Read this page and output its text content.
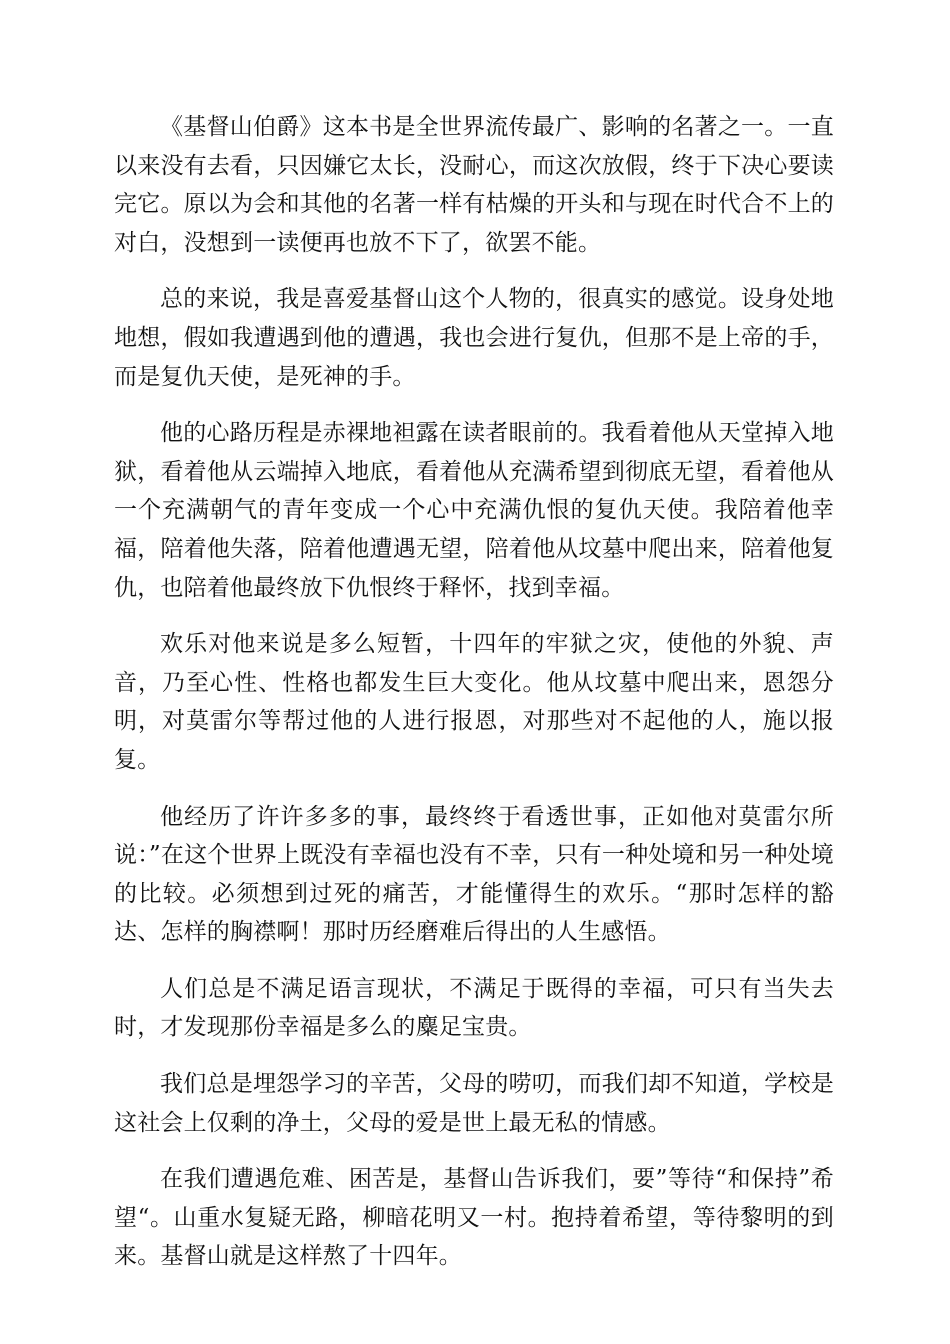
《基督山伯爵》这本书是全世界流传最广、影响的名著之一。一直以来没有去看，只因嫌它太长，没耐心，而这次放假，终于下决心要读完它。原以为会和其他的名著一样有枯燥的开头和与现在时代合不上的对白，没想到一读便再也放不下了，欲罢不能。

总的来说，我是喜爱基督山这个人物的，很真实的感觉。设身处地地想，假如我遭遇到他的遭遇，我也会进行复仇，但那不是上帝的手，而是复仇天使，是死神的手。

他的心路历程是赤裸地袒露在读者眼前的。我看着他从天堂掉入地狱，看着他从云端掉入地底，看着他从充满希望到彻底无望，看着他从一个充满朝气的青年变成一个心中充满仇恨的复仇天使。我陪着他幸福，陪着他失落，陪着他遭遇无望，陪着他从坟墓中爬出来，陪着他复仇，也陪着他最终放下仇恨终于释怀，找到幸福。

欢乐对他来说是多么短暂，十四年的牢狱之灾，使他的外貌、声音，乃至心性、性格也都发生巨大变化。他从坟墓中爬出来，恩怨分明，对莫雷尔等帮过他的人进行报恩，对那些对不起他的人，施以报复。

他经历了许许多多的事，最终终于看透世事，正如他对莫雷尔所说：”在这个世界上既没有幸福也没有不幸，只有一种处境和另一种处境的比较。必须想到过死的痛苦，才能懂得生的欢乐。“那时怎样的豁达、怎样的胸襟啊！那时历经磨难后得出的人生感悟。

人们总是不满足语言现状，不满足于既得的幸福，可只有当失去时，才发现那份幸福是多么的麋足宝贵。

我们总是埋怨学习的辛苦，父母的唠叨，而我们却不知道，学校是这社会上仅剩的净土，父母的爱是世上最无私的情感。

在我们遭遇危难、困苦是，基督山告诉我们，要”等待“和保持”希望“。山重水复疑无路，柳暗花明又一村。抱持着希望，等待黎明的到来。基督山就是这样熬了十四年。
